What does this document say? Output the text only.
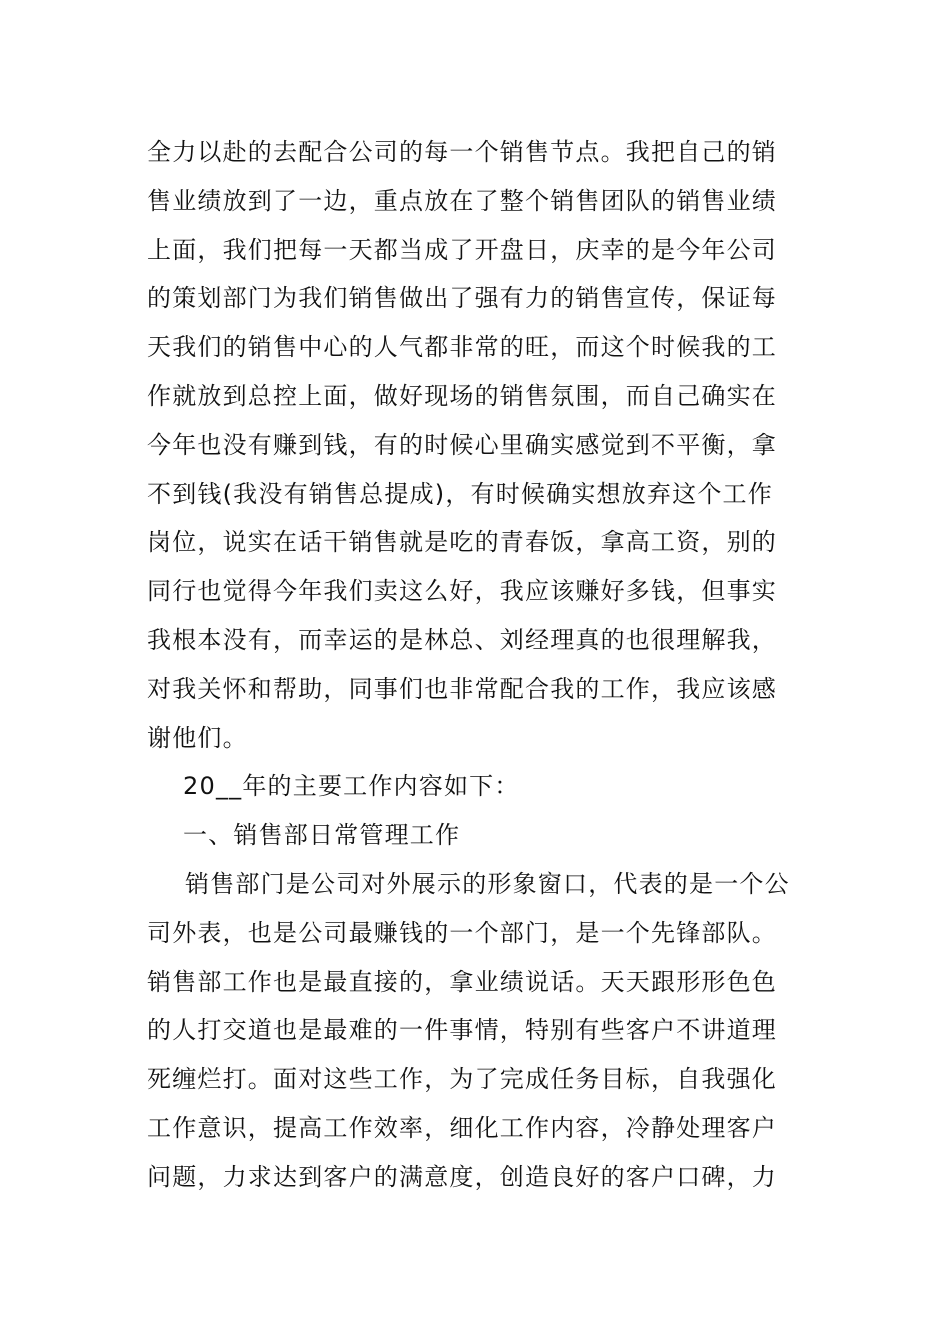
全力以赴的去配合公司的每一个销售节点。我把自己的销

售业绩放到了一边，重点放在了整个销售团队的销售业绩

上面，我们把每一天都当成了开盘日，庆幸的是今年公司

的策划部门为我们销售做出了强有力的销售宣传，保证每

天我们的销售中心的人气都非常的旺，而这个时候我的工

作就放到总控上面，做好现场的销售氛围，而自己确实在

今年也没有赚到钱，有的时候心里确实感觉到不平衡，拿

不到钱(我没有销售总提成)，有时候确实想放弃这个工作

岗位，说实在话干销售就是吃的青春饭，拿高工资，别的

同行也觉得今年我们卖这么好，我应该赚好多钱，但事实

我根本没有，而幸运的是林总、刘经理真的也很理解我，

对我关怀和帮助，同事们也非常配合我的工作，我应该感

谢他们。

20__年的主要工作内容如下：

一、销售部日常管理工作

销售部门是公司对外展示的形象窗口，代表的是一个公

司外表，也是公司最赚钱的一个部门，是一个先锋部队。

销售部工作也是最直接的，拿业绩说话。天天跟形形色色

的人打交道也是最难的一件事情，特别有些客户不讲道理

死缠烂打。面对这些工作，为了完成任务目标，自我强化

工作意识，提高工作效率，细化工作内容，冷静处理客户

问题，力求达到客户的满意度，创造良好的客户口碑，力
